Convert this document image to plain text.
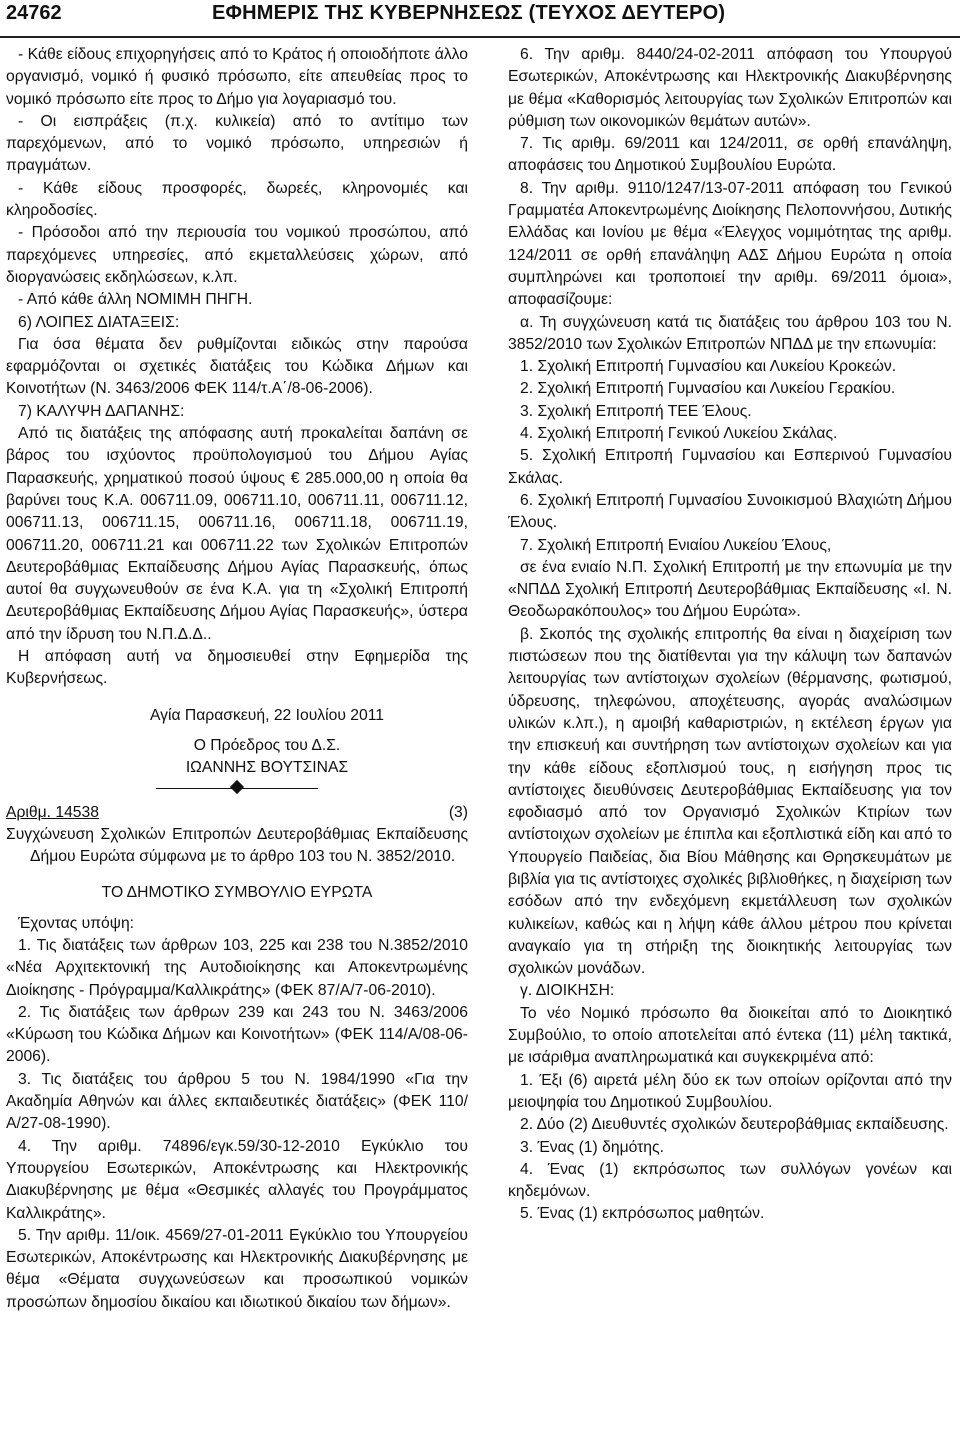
24762	ΕΦΗΜΕΡΙΣ ΤΗΣ ΚΥΒΕΡΝΗΣΕΩΣ (ΤΕΥΧΟΣ ΔΕΥΤΕΡΟ)

- Κάθε είδους επιχορηγήσεις από το Κράτος ή οποιοδήποτε άλλο οργανισμό, νομικό ή φυσικό πρόσωπο, είτε απευθείας προς το νομικό πρόσωπο είτε προς το Δήμο για λογαριασμό του.

- Οι εισπράξεις (π.χ. κυλικεία) από το αντίτιμο των παρεχόμενων, από το νομικό πρόσωπο, υπηρεσιών ή πραγμάτων.

- Κάθε είδους προσφορές, δωρεές, κληρονομιές και κληροδοσίες.

- Πρόσοδοι από την περιουσία του νομικού προσώπου, από παρεχόμενες υπηρεσίες, από εκμεταλλεύσεις χώρων, από διοργανώσεις εκδηλώσεων, κ.λπ.

- Από κάθε άλλη ΝΟΜΙΜΗ ΠΗΓΗ.

6) ΛΟΙΠΕΣ ΔΙΑΤΑΞΕΙΣ:

Για όσα θέματα δεν ρυθμίζονται ειδικώς στην παρούσα εφαρμόζονται οι σχετικές διατάξεις του Κώδικα Δήμων και Κοινοτήτων (Ν. 3463/2006 ΦΕΚ 114/τ.Α΄/8-06-2006).

7) ΚΑΛΥΨΗ ΔΑΠΑΝΗΣ:

Από τις διατάξεις της απόφασης αυτή προκαλείται δαπάνη σε βάρος του ισχύοντος προϋπολογισμού του Δήμου Αγίας Παρασκευής, χρηματικού ποσού ύψους € 285.000,00 η οποία θα βαρύνει τους Κ.Α. 006711.09, 006711.10, 006711.11, 006711.12, 006711.13, 006711.15, 006711.16, 006711.18, 006711.19, 006711.20, 006711.21 και 006711.22 των Σχολικών Επιτροπών Δευτεροβάθμιας Εκπαίδευσης Δήμου Αγίας Παρασκευής, όπως αυτοί θα συγχωνευθούν σε ένα Κ.Α. για τη «Σχολική Επιτροπή Δευτεροβάθμιας Εκπαίδευσης Δήμου Αγίας Παρασκευής», ύστερα από την ίδρυση του Ν.Π.Δ.Δ..

Η απόφαση αυτή να δημοσιευθεί στην Εφημερίδα της Κυβερνήσεως.

Αγία Παρασκευή, 22 Ιουλίου 2011

Ο Πρόεδρος του Δ.Σ.

ΙΩΑΝΝΗΣ ΒΟΥΤΣΙΝΑΣ

Αριθμ. 14538	(3)

Συγχώνευση Σχολικών Επιτροπών Δευτεροβάθμιας Εκπαίδευσης Δήμου Ευρώτα σύμφωνα με το άρθρο 103 του Ν. 3852/2010.

ΤΟ ΔΗΜΟΤΙΚΟ ΣΥΜΒΟΥΛΙΟ ΕΥΡΩΤΑ

Έχοντας υπόψη:

1. Τις διατάξεις των άρθρων 103, 225 και 238 του Ν.3852/2010 «Νέα Αρχιτεκτονική της Αυτοδιοίκησης και Αποκεντρωμένης Διοίκησης - Πρόγραμμα/Καλλικράτης» (ΦΕΚ 87/Α/7-06-2010).

2. Τις διατάξεις των άρθρων 239 και 243 του Ν. 3463/2006 «Κύρωση του Κώδικα Δήμων και Κοινοτήτων» (ΦΕΚ 114/Α/08-06-2006).

3. Τις διατάξεις του άρθρου 5 του Ν. 1984/1990 «Για την Ακαδημία Αθηνών και άλλες εκπαιδευτικές διατάξεις» (ΦΕΚ 110/Α/27-08-1990).

4. Την αριθμ. 74896/εγκ.59/30-12-2010 Εγκύκλιο του Υπουργείου Εσωτερικών, Αποκέντρωσης και Ηλεκτρονικής Διακυβέρνησης με θέμα «Θεσμικές αλλαγές του Προγράμματος Καλλικράτης».

5. Την αριθμ. 11/οικ. 4569/27-01-2011 Εγκύκλιο του Υπουργείου Εσωτερικών, Αποκέντρωσης και Ηλεκτρονικής Διακυβέρνησης με θέμα «Θέματα συγχωνεύσεων και προσωπικού νομικών προσώπων δημοσίου δικαίου και ιδιωτικού δικαίου των δήμων».

6. Την αριθμ. 8440/24-02-2011 απόφαση του Υπουργού Εσωτερικών, Αποκέντρωσης και Ηλεκτρονικής Διακυβέρνησης με θέμα «Καθορισμός λειτουργίας των Σχολικών Επιτροπών και ρύθμιση των οικονομικών θεμάτων αυτών».

7. Τις αριθμ. 69/2011 και 124/2011, σε ορθή επανάληψη, αποφάσεις του Δημοτικού Συμβουλίου Ευρώτα.

8. Την αριθμ. 9110/1247/13-07-2011 απόφαση του Γενικού Γραμματέα Αποκεντρωμένης Διοίκησης Πελοποννήσου, Δυτικής Ελλάδας και Ιονίου με θέμα «Έλεγχος νομιμότητας της αριθμ. 124/2011 σε ορθή επανάληψη ΑΔΣ Δήμου Ευρώτα η οποία συμπληρώνει και τροποποιεί την αριθμ. 69/2011 όμοια», αποφασίζουμε:

α. Τη συγχώνευση κατά τις διατάξεις του άρθρου 103 του Ν. 3852/2010 των Σχολικών Επιτροπών ΝΠΔΔ με την επωνυμία:

1. Σχολική Επιτροπή Γυμνασίου και Λυκείου Κροκεών.

2. Σχολική Επιτροπή Γυμνασίου και Λυκείου Γερακίου.

3. Σχολική Επιτροπή ΤΕΕ Έλους.

4. Σχολική Επιτροπή Γενικού Λυκείου Σκάλας.

5. Σχολική Επιτροπή Γυμνασίου και Εσπερινού Γυμνασίου Σκάλας.

6. Σχολική Επιτροπή Γυμνασίου Συνοικισμού Βλαχιώτη Δήμου Έλους.

7. Σχολική Επιτροπή Ενιαίου Λυκείου Έλους,

σε ένα ενιαίο Ν.Π. Σχολική Επιτροπή με την επωνυμία με την «ΝΠΔΔ Σχολική Επιτροπή Δευτεροβάθμιας Εκπαίδευσης «Ι. Ν. Θεοδωρακόπουλος» του Δήμου Ευρώτα».

β. Σκοπός της σχολικής επιτροπής θα είναι η διαχείριση των πιστώσεων που της διατίθενται για την κάλυψη των δαπανών λειτουργίας των αντίστοιχων σχολείων (θέρμανσης, φωτισμού, ύδρευσης, τηλεφώνου, αποχέτευσης, αγοράς αναλώσιμων υλικών κ.λπ.), η αμοιβή καθαριστριών, η εκτέλεση έργων για την επισκευή και συντήρηση των αντίστοιχων σχολείων και για την κάθε είδους εξοπλισμού τους, η εισήγηση προς τις αντίστοιχες διευθύνσεις Δευτεροβάθμιας Εκπαίδευσης για τον εφοδιασμό από τον Οργανισμό Σχολικών Κτιρίων των αντίστοιχων σχολείων με έπιπλα και εξοπλιστικά είδη και από το Υπουργείο Παιδείας, δια Βίου Μάθησης και Θρησκευμάτων με βιβλία για τις αντίστοιχες σχολικές βιβλιοθήκες, η διαχείριση των εσόδων από την ενδεχόμενη εκμετάλλευση των σχολικών κυλικείων, καθώς και η λήψη κάθε άλλου μέτρου που κρίνεται αναγκαίο για τη στήριξη της διοικητικής λειτουργίας των σχολικών μονάδων.

γ. ΔΙΟΙΚΗΣΗ:

Το νέο Νομικό πρόσωπο θα διοικείται από το Διοικητικό Συμβούλιο, το οποίο αποτελείται από έντεκα (11) μέλη τακτικά, με ισάριθμα αναπληρωματικά και συγκεκριμένα από:

1. Έξι (6) αιρετά μέλη δύο εκ των οποίων ορίζονται από την μειοψηφία του Δημοτικού Συμβουλίου.

2. Δύο (2) Διευθυντές σχολικών δευτεροβάθμιας εκπαίδευσης.

3. Ένας (1) δημότης.

4. Ένας (1) εκπρόσωπος των συλλόγων γονέων και κηδεμόνων.

5. Ένας (1) εκπρόσωπος μαθητών.
